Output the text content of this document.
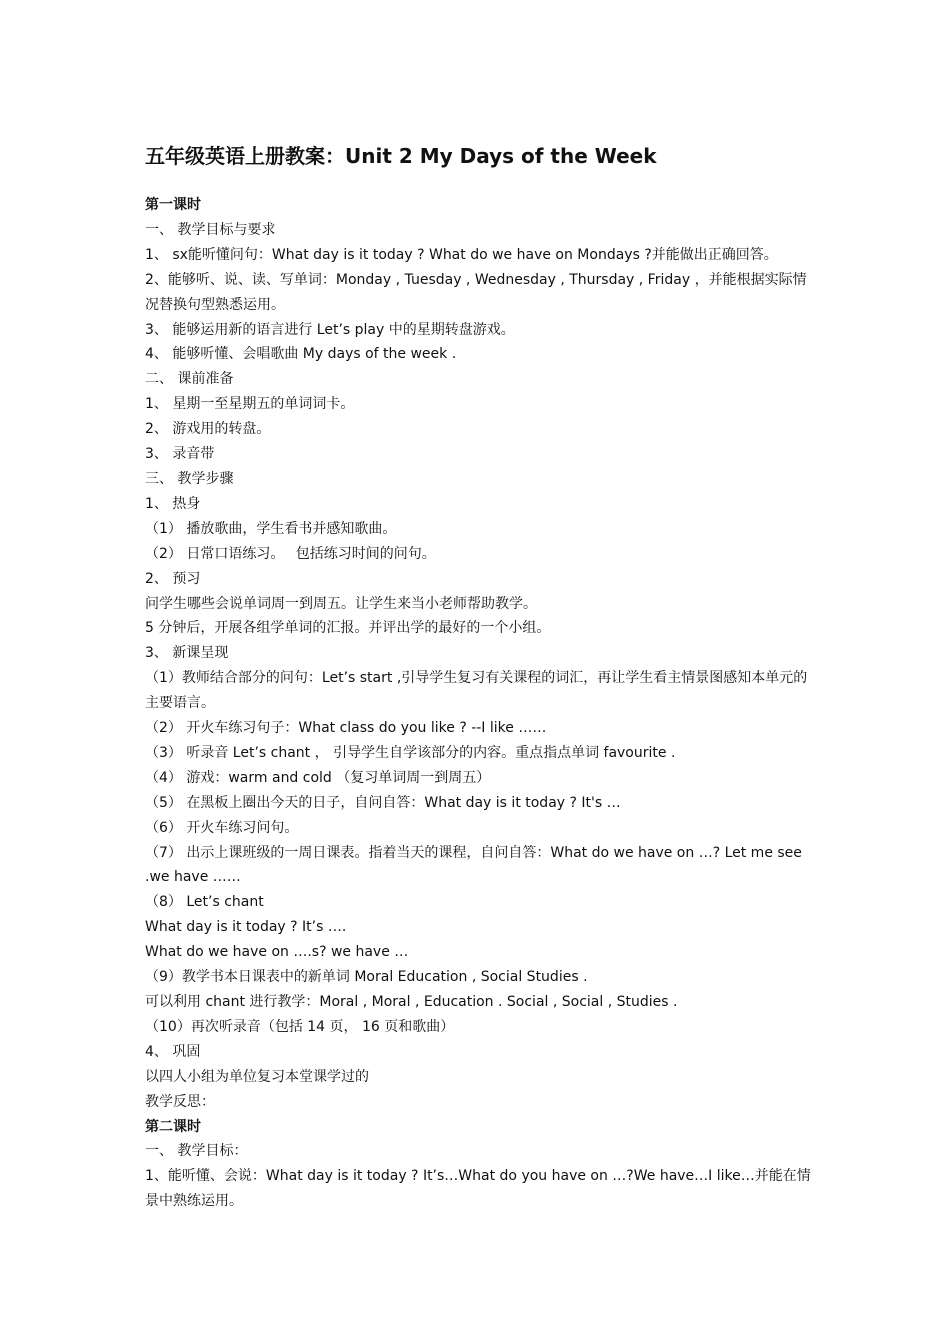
五年级英语上册教案：Unit 2 My Days of the Week
第一课时
一、 教学目标与要求
1、 sx能听懂问句：What day is it today ? What do we have on Mondays ?并能做出正确回答。
2、能够听、说、读、写单词：Monday , Tuesday , Wednesday , Thursday , Friday ，并能根据实际情况替换句型熟悉运用。
3、 能够运用新的语言进行 Let’s play 中的星期转盘游戏。
4、 能够听懂、会唱歌曲 My days of the week .
二、 课前准备
1、 星期一至星期五的单词词卡。
2、 游戏用的转盘。
3、 录音带
三、 教学步骤
1、 热身
（1） 播放歌曲，学生看书并感知歌曲。
（2） 日常口语练习。　 包括练习时间的问句。
2、 预习
问学生哪些会说单词周一到周五。让学生来当小老师帮助教学。
5 分钟后，开展各组学单词的汇报。并评出学的最好的一个小组。
3、 新课呈现
（1）教师结合部分的问句：Let’s start ,引导学生复习有关课程的词汇，再让学生看主情景图感知本单元的主要语言。
（2） 开火车练习句子：What class do you like ? --I like ……
（3） 听录音 Let’s chant ， 引导学生自学该部分的内容。重点指点单词 favourite .
（4） 游戏：warm and cold （复习单词周一到周五）
（5） 在黑板上圈出今天的日子，自问自答：What day is it today ? It's …
（6） 开火车练习问句。
（7） 出示上课班级的一周日课表。指着当天的课程，自问自答：What do we have on …? Let me see .we have ……
（8） Let’s chant
What day is it today ? It’s ….
What do we have on ….s? we have …
（9）教学书本日课表中的新单词 Moral Education , Social Studies .
可以利用 chant 进行教学：Moral , Moral , Education . Social , Social , Studies .
（10）再次听录音（包括 14 页， 16 页和歌曲）
4、 巩固
以四人小组为单位复习本堂课学过的
教学反思：
第二课时
一、 教学目标：
1、能听懂、会说：What day is it today ? It’s…What do you have on …?We have…I like…并能在情景中熟练运用。
